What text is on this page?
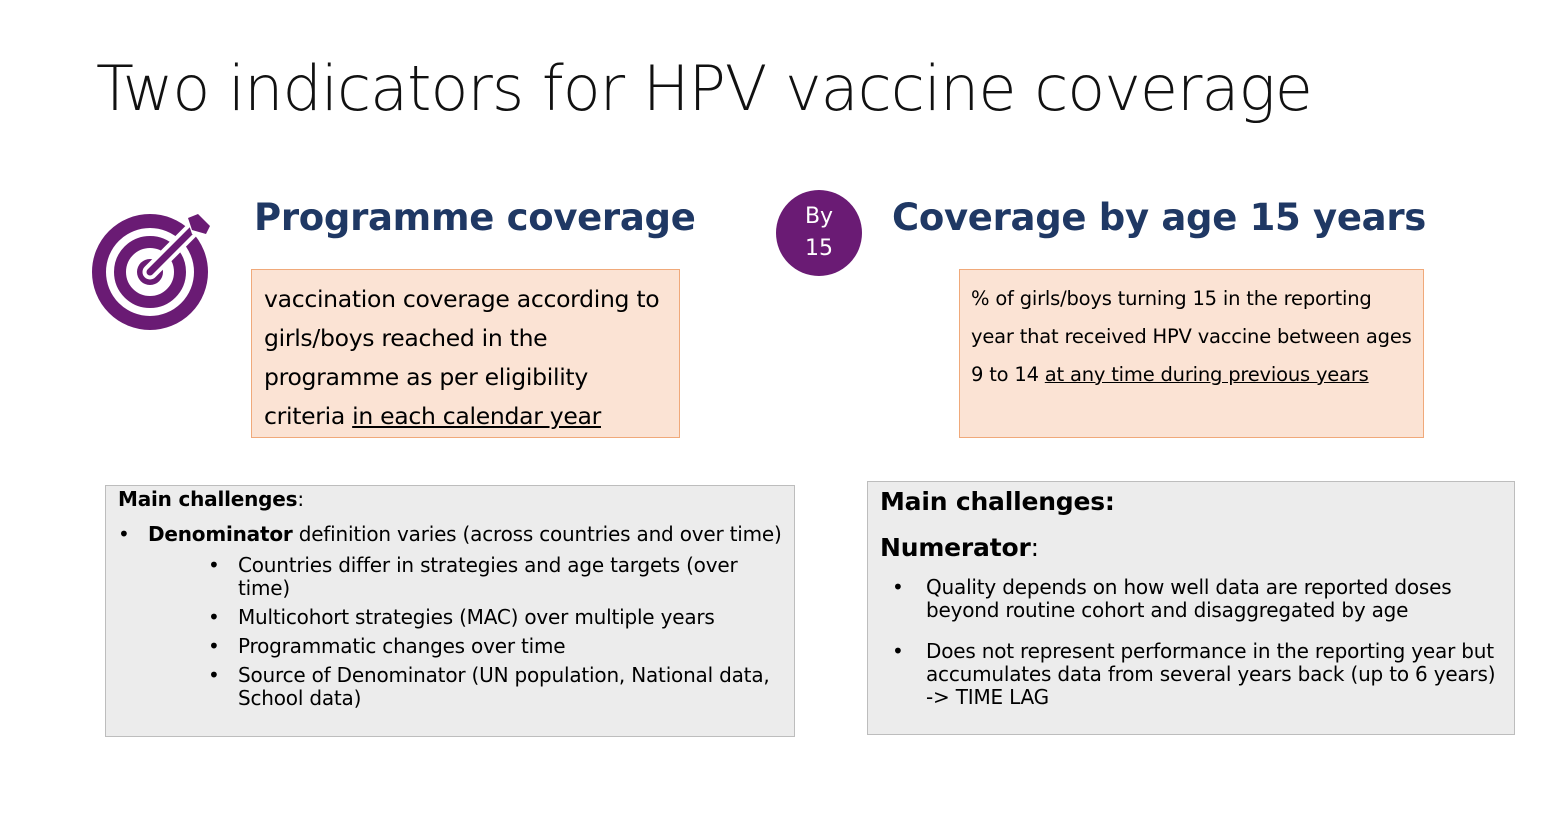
Two indicators for HPV vaccine coverage
Programme coverage	By
15
Coverage by age 15 years
vaccination coverage according to girls/boys reached in the programme as per eligibility criteria in each calendar year
% of girls/boys turning 15 in the reporting year that received HPV vaccine between ages 9 to 14 at any time during previous years
Main challenges:
• Denominator definition varies (across countries and over time)
• Countries differ in strategies and age targets (over time)
• Multicohort strategies (MAC) over multiple years
• Programmatic changes over time
• Source of Denominator (UN population, National data, School data)
Main challenges:
Numerator:
• Quality depends on how well data are reported doses beyond routine cohort and disaggregated by age
• Does not represent performance in the reporting year but accumulates data from several years back (up to 6 years) -> TIME LAG
